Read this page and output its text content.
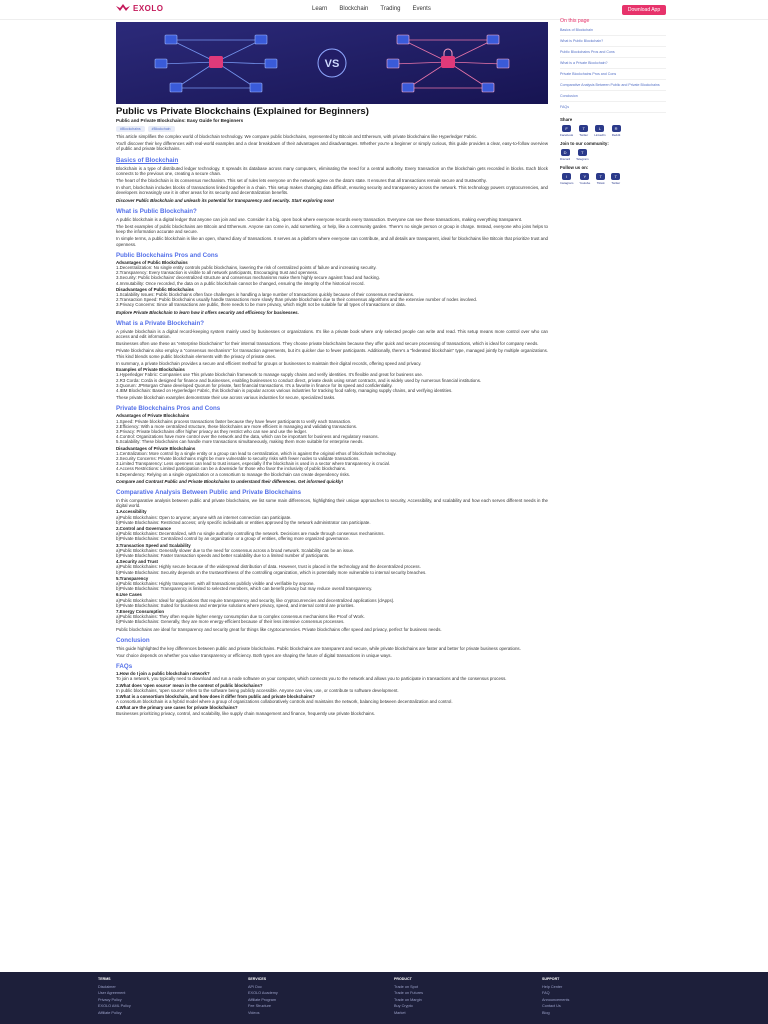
EXOLO	Learn Blockchain Trading Events	Download App
VS
Public vs Private Blockchains (Explained for Beginners)
Public and Private Blockchains: Easy Guide for Beginners
#Blockchains	#Blockchain

This article simplifies the complex world of blockchain technology. We compare public blockchains, represented by Bitcoin and Ethereum, with private blockchains like Hyperledger Fabric.

You'll discover their key differences with real-world examples and a clear breakdown of their advantages and disadvantages. Whether you're a beginner or simply curious, this guide provides a clear, easy-to-follow overview of public and private blockchains.

Basics of Blockchain

Blockchain is a type of distributed ledger technology. It spreads its database across many computers, eliminating the need for a central authority. Every transaction on the blockchain gets recorded in blocks. Each block connects to the previous one, creating a secure chain.

The heart of the blockchain is its consensus mechanism. This set of rules lets everyone on the network agree on the data's state. It ensures that all transactions remain secure and trustworthy.

In short, blockchain includes blocks of transactions linked together in a chain. This setup makes changing data difficult, ensuring security and transparency across the network. This technology powers cryptocurrencies, and developers increasingly use it in other areas for its security and decentralization benefits.

Discover Public Blockchain and unleash its potential for transparency and security. Start exploring now!

What is Public Blockchain?

A public blockchain is a digital ledger that anyone can join and use. Consider it a big, open book where everyone records every transaction. Everyone can see these transactions, making everything transparent.

The best examples of public blockchains are Bitcoin and Ethereum. Anyone can come in, add something, or help, like a community garden. There's no single person or group in charge. Instead, everyone who joins helps to keep the information accurate and secure.

In simple terms, a public blockchain is like an open, shared diary of transactions. It serves as a platform where everyone can contribute, and all details are transparent, ideal for blockchains like Bitcoin that prioritize trust and openness.

Public Blockchains Pros and Cons
Advantages of Public Blockchains
1.Decentralization: No single entity controls public blockchains, lowering the risk of centralized points of failure and increasing security.
2.Transparency: Every transaction is visible to all network participants, Encouraging trust and openness.
3.Security: Public blockchains' decentralized structure and consensus mechanisms make them highly secure against fraud and hacking.
4.Immutability: Once recorded, the data on a public blockchain cannot be changed, ensuring the integrity of the historical record.
Disadvantages of Public Blockchains
1.Scalability Issues: Public blockchains often face challenges in handling a large number of transactions quickly because of their consensus mechanisms.
2.Transaction Speed: Public blockchains usually handle transactions more slowly than private blockchains due to their consensus algorithms and the extensive number of nodes involved.
3.Privacy Concerns: Since all transactions are public, there needs to be more privacy, which might not be suitable for all types of transactions or data.

Explore Private Blockchain to learn how it offers security and efficiency for businesses.

What is a Private Blockchain?

A private blockchain is a digital record-keeping system mainly used by businesses or organizations. It's like a private book where only selected people can write and read. This setup means more control over who can access and edit information.

Businesses often use these as "enterprise blockchains" for their internal transactions. They choose private blockchains because they offer quick and secure processing of transactions, which is ideal for company needs.

Private blockchains also employ a "consensus mechanism" for transaction agreements, but it's quicker due to fewer participants. Additionally, there's a "federated blockchain" type, managed jointly by multiple organizations. This kind blends some public blockchain elements with the privacy of private ones.

In summary, a private blockchain provides a secure and efficient method for groups or businesses to maintain their digital records, offering speed and privacy.

Examples of Private Blockchains
1.Hyperledger Fabric: Companies use This private blockchain framework to manage supply chains and verify identities. It's flexible and great for business use.
2.R3 Corda: Corda is designed for finance and businesses, enabling businesses to conduct direct, private deals using smart contracts, and is widely used by numerous financial institutions.
3.Quorum: JPMorgan Chase developed Quorum for private, fast financial transactions. It's a favorite in finance for its speed and confidentiality.
4.IBM Blockchain: Based on Hyperledger Fabric, this blockchain is popular across various industries for tracking food safety, managing supply chains, and verifying identities.

These private blockchain examples demonstrate their use across various industries for secure, specialized tasks.

Private Blockchains Pros and Cons
Advantages of Private Blockchains
1.Speed: Private blockchains process transactions faster because they have fewer participants to verify each transaction.
2.Efficiency: With a more centralized structure, these blockchains are more efficient in managing and validating transactions.
3.Privacy: Private blockchains offer higher privacy as they restrict who can see and use the ledger.
4.Control: Organizations have more control over the network and the data, which can be important for business and regulatory reasons.
5.Scalability: These blockchains can handle more transactions simultaneously, making them more suitable for enterprise needs.
Disadvantages of Private Blockchains
1.Centralization: More control by a single entity or a group can lead to centralization, which is against the original ethos of blockchain technology.
2.Security Concerns: Private blockchains might be more vulnerable to security risks with fewer nodes to validate transactions.
3.Limited Transparency: Less openness can lead to trust issues, especially if the blockchain is used in a sector where transparency is crucial.
4.Access Restrictions: Limited participation can be a downside for those who favor the inclusivity of public blockchains.
5.Dependency: Relying on a single organization or a consortium to manage the blockchain can create dependency risks.

Compare and Contrast Public and Private Blockchains to understand their differences. Get informed quickly!

Comparative Analysis Between Public and Private Blockchains

In this comparative analysis between public and private blockchains, we list some main differences, highlighting their unique approaches to security, Accessibility, and scalability and how each serves different needs in the digital world.

1.Accessibility
a)Public Blockchains: Open to anyone; anyone with an internet connection can participate.
b)Private Blockchains: Restricted access; only specific individuals or entities approved by the network administrator can participate.
2.Control and Governance
a)Public Blockchains: Decentralized, with no single authority controlling the network. Decisions are made through consensus mechanisms.
b)Private Blockchains: Centralized control by an organization or a group of entities, offering more organized governance.
3.Transaction Speed and Scalability
a)Public Blockchains: Generally slower due to the need for consensus across a broad network. Scalability can be an issue.
b)Private Blockchains: Faster transaction speeds and better scalability due to a limited number of participants.
4.Security and Trust
a)Public Blockchains: Highly secure because of the widespread distribution of data. However, trust is placed in the technology and the decentralized process.
b)Private Blockchains: Security depends on the trustworthiness of the controlling organization, which is potentially more vulnerable to internal security breaches.
5.Transparency
a)Public Blockchains: Highly transparent, with all transactions publicly visible and verifiable by anyone.
b)Private Blockchains: Transparency is limited to selected members, which can benefit privacy but may reduce overall transparency.
6.Use Cases
a)Public Blockchains: Ideal for applications that require transparency and security, like cryptocurrencies and decentralized applications (dApps).
b)Private Blockchains: Suited for business and enterprise solutions where privacy, speed, and internal control are priorities.
7.Energy Consumption
a)Public Blockchains: They often require higher energy consumption due to complex consensus mechanisms like Proof of Work.
b)Private Blockchains: Generally, they are more energy-efficient because of their less intensive consensus processes.

Public blockchains are ideal for transparency and security great for things like cryptocurrencies. Private blockchains offer speed and privacy, perfect for business needs.

Conclusion

This guide highlighted the key differences between public and private blockchains. Public blockchains are transparent and secure, while private blockchains are faster and better for private business operations.

Your choice depends on whether you value transparency or efficiency. Both types are shaping the future of digital transactions in unique ways.

FAQs
1.How do I join a public blockchain network?
To join a network, you typically need to download and run a node software on your computer, which connects you to the network and allows you to participate in transactions and the consensus process.
2.What does 'open source' mean in the context of public blockchains?
In public blockchains, 'open source' refers to the software being publicly accessible. Anyone can view, use, or contribute to software development.
3.What is a consortium blockchain, and how does it differ from public and private blockchains?
A consortium blockchain is a hybrid model where a group of organizations collaboratively controls and maintains the network, balancing between decentralization and control.
4.What are the primary use cases for private blockchains?
Businesses prioritizing privacy, control, and scalability, like supply chain management and finance, frequently use private blockchains.
On this page
Basics of Blockchain
What is Public Blockchain?
Public Blockchains Pros and Cons
What is a Private Blockchain?
Private Blockchains Pros and Cons
Comparative Analysis Between Public and Private Blockchains
Conclusion
FAQs
Share
F
Facebook
T
Twitter
L
LinkedIn
R
Reddit
Join to our community:
D
Discord
T
Telegram
Follow us on:
I
Instagram
Y
Youtube
T
Tiktok
T
Twitter
TERMS
Disclaimer
User Agreement
Privacy Policy
EXOLO AML Policy
Affiliate Policy
SERVICES
API Doc
EXOLO Academy
Affiliate Program
Fee Structure
Videos
PRODUCT
Trade on Spot
Trade on Futures
Trade on Margin
Buy Crypto
Market
SUPPORT
Help Center
FAQ
Announcements
Contact Us
Blog
